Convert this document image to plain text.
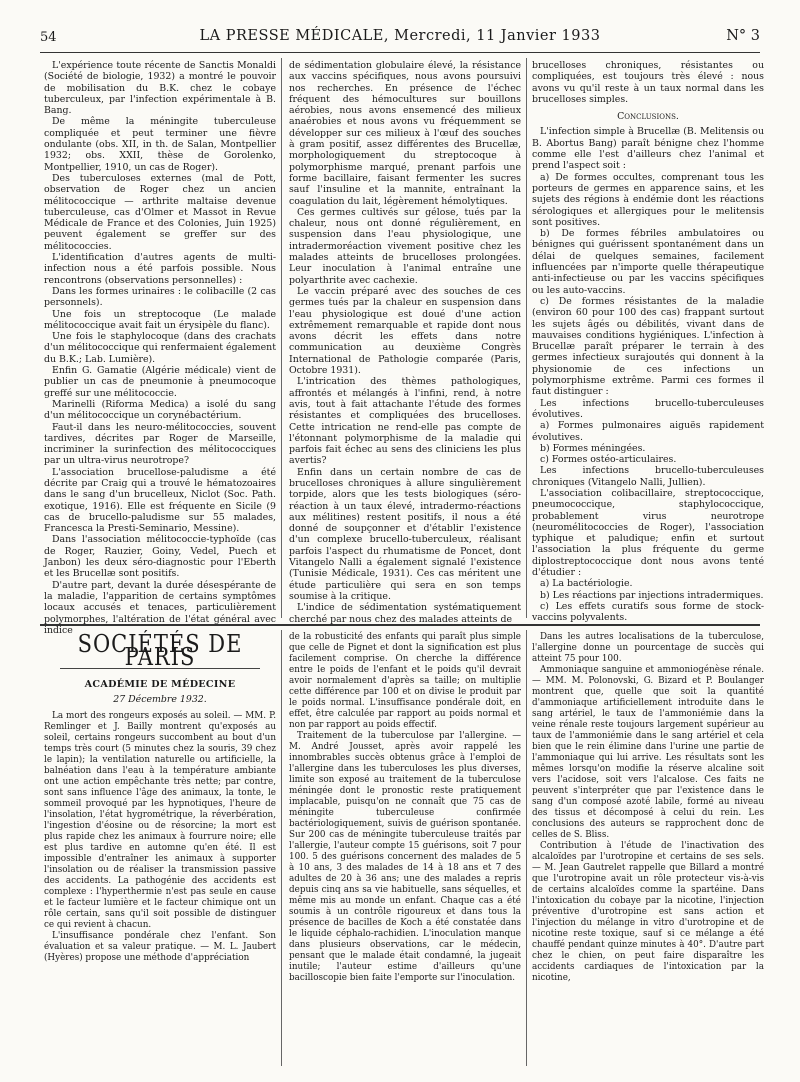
54	LA PRESSE MÉDICALE, Mercredi, 11 Janvier 1933	N° 3

L'expérience toute récente de Sanctis Monaldi (Société de biologie, 1932) a montré le pouvoir de mobilisation du B.K. chez le cobaye tuberculeux, par l'infection expérimentale à B. Bang.

De même la méningite tuberculeuse compliquée et peut terminer une fièvre ondulante (obs. XII, in th. de Salan, Montpellier 1932; obs. XXII, thèse de Gorolenko, Montpellier, 1910, un cas de Roger).

Des tuberculoses externes (mal de Pott, observation de Roger chez un ancien mélitococcique — arthrite maltaise devenue tuberculeuse, cas d'Olmer et Massot in Revue Médicale de France et des Colonies, Juin 1925) peuvent également se greffer sur des mélitococcies.

L'identification d'autres agents de multi-infection nous a été parfois possible. Nous rencontrons (observations personnelles) :

Dans les formes urinaires : le colibacille (2 cas personnels).

Une fois un streptocoque (Le malade mélitococcique avait fait un érysipèle du flanc).

Une fois le staphylocoque (dans des crachats d'un mélitococcique qui renfermaient également du B.K.; Lab. Lumière).

Enfin G. Gamatie (Algérie médicale) vient de publier un cas de pneumonie à pneumocoque greffé sur une mélitococcie.

Marinelli (Riforma Medica) a isolé du sang d'un mélitococcique un corynébactérium.

Faut-il dans les neuro-mélitococcies, souvent tardives, décrites par Roger de Marseille, incriminer la surinfection des mélitococciques par un ultra-virus neurotrope?

L'association brucellose-paludisme a été décrite par Craig qui a trouvé le hématozoaires dans le sang d'un brucelleux, Niclot (Soc. Path. exotique, 1916). Elle est fréquente en Sicile (9 cas de brucello-paludisme sur 55 malades, Francesca la Presti-Seminario, Messine).

Dans l'association mélitococcie-typhoïde (cas de Roger, Rauzier, Goiny, Vedel, Puech et Janbon) les deux séro-diagnostic pour l'Eberth et les Brucellæ sont positifs.

D'autre part, devant la durée désespérante de la maladie, l'apparition de certains symptômes locaux accusés et tenaces, particulièrement polymorphes, l'altération de l'état général avec indice

de sédimentation globulaire élevé, la résistance aux vaccins spécifiques, nous avons poursuivi nos recherches. En présence de l'échec fréquent des hémocultures sur bouillons aérobies, nous avons ensemencé des milieux anaérobies et nous avons vu fréquemment se développer sur ces milieux à l'œuf des souches à gram positif, assez différentes des Brucellæ, morphologiquement du streptocoque à polymorphisme marqué, prenant parfois une forme bacillaire, faisant fermenter les sucres sauf l'insuline et la mannite, entraînant la coagulation du lait, légèrement hémolytiques.

Ces germes cultivés sur gélose, tués par la chaleur, nous ont donné régulièrement, en suspension dans l'eau physiologique, une intradermoréaction vivement positive chez les malades atteints de brucelloses prolongées. Leur inoculation à l'animal entraîne une polyarthrite avec cachexie.

Le vaccin préparé avec des souches de ces germes tués par la chaleur en suspension dans l'eau physiologique est doué d'une action extrêmement remarquable et rapide dont nous avons décrit les effets dans notre communication au deuxième Congrès International de Pathologie comparée (Paris, Octobre 1931).

L'intrication des thèmes pathologiques, affrontés et mélangés à l'infini, rend, à notre avis, tout à fait attachante l'étude des formes résistantes et compliquées des brucelloses. Cette intrication ne rend-elle pas compte de l'étonnant polymorphisme de la maladie qui parfois fait échec au sens des cliniciens les plus avertis?

Enfin dans un certain nombre de cas de brucelloses chroniques à allure singulièrement torpide, alors que les tests biologiques (séro-réaction à un taux élevé, intradermo-réactions aux mélitines) restent positifs, il nous a été donné de soupçonner et d'établir l'existence d'un complexe brucello-tuberculeux, réalisant parfois l'aspect du rhumatisme de Poncet, dont Vitangelo Nalli a également signalé l'existence (Tunisie Médicale, 1931). Ces cas méritent une étude particulière qui sera en son temps soumise à la critique.

L'indice de sédimentation systématiquement cherché par nous chez des malades atteints de

brucelloses chroniques, résistantes ou compliquées, est toujours très élevé : nous avons vu qu'il reste à un taux normal dans les brucelloses simples.

Conclusions.

L'infection simple à Brucellæ (B. Melitensis ou B. Abortus Bang) paraît bénigne chez l'homme comme elle l'est d'ailleurs chez l'animal et prend l'aspect soit :

a) De formes occultes, comprenant tous les porteurs de germes en apparence sains, et les sujets des régions à endémie dont les réactions sérologiques et allergiques pour le melitensis sont positives.

b) De formes fébriles ambulatoires ou bénignes qui guérissent spontanément dans un délai de quelques semaines, facilement influencées par n'importe quelle thérapeutique anti-infectieuse ou par les vaccins spécifiques ou les auto-vaccins.

c) De formes résistantes de la maladie (environ 60 pour 100 des cas) frappant surtout les sujets âgés ou débilités, vivant dans de mauvaises conditions hygiéniques. L'infection à Brucellæ paraît préparer le terrain à des germes infectieux surajoutés qui donnent à la physionomie de ces infections un polymorphisme extrême. Parmi ces formes il faut distinguer :

Les infections brucello-tuberculeuses évolutives.

a) Formes pulmonaires aiguës rapidement évolutives.

b) Formes méningées.

c) Formes ostéo-articulaires.

Les infections brucello-tuberculeuses chroniques (Vitangelo Nalli, Jullien).

L'association colibacillaire, streptococcique, pneumococcique, staphylococcique, probablement virus neurotrope (neuromélitococcies de Roger), l'association typhique et paludique; enfin et surtout l'association la plus fréquente du germe diplostreptococcique dont nous avons tenté d'étudier :

a) La bactériologie.

b) Les réactions par injections intradermiques.

c) Les effets curatifs sous forme de stock-vaccins polyvalents.

SOCIÉTÉS DE PARIS
ACADÉMIE DE MÉDECINE
27 Décembre 1932.

La mort des rongeurs exposés au soleil. — MM. P. Remlinger et J. Bailly montrent qu'exposés au soleil, certains rongeurs succombent au bout d'un temps très court (5 minutes chez la souris, 39 chez le lapin); la ventilation naturelle ou artificielle, la balnéation dans l'eau à la température ambiante ont une action empêchante très nette; par contre, sont sans influence l'âge des animaux, la tonte, le sommeil provoqué par les hypnotiques, l'heure de l'insolation, l'état hygrométrique, la réverbération, l'ingestion d'éosine ou de résorcine; la mort est plus rapide chez les animaux à fourrure noire; elle est plus tardive en automne qu'en été. Il est impossible d'entraîner les animaux à supporter l'insolation ou de réaliser la transmission passive des accidents. La pathogénie des accidents est complexe : l'hyperthermie n'est pas seule en cause et le facteur lumière et le facteur chimique ont un rôle certain, sans qu'il soit possible de distinguer ce qui revient à chacun.

L'insuffisance pondérale chez l'enfant. Son évaluation et sa valeur pratique. — M. L. Jaubert (Hyères) propose une méthode d'appréciation

de la robusticité des enfants qui paraît plus simple que celle de Pignet et dont la signification est plus facilement comprise. On cherche la différence entre le poids de l'enfant et le poids qu'il devrait avoir normalement d'après sa taille; on multiplie cette différence par 100 et on divise le produit par le poids normal. L'insuffisance pondérale doit, en effet, être calculée par rapport au poids normal et non par rapport au poids effectif.

Traitement de la tuberculose par l'allergine. — M. André Jousset, après avoir rappelé les innombrables succès obtenus grâce à l'emploi de l'allergine dans les tuberculoses les plus diverses, limite son exposé au traitement de la tuberculose méningée dont le pronostic reste pratiquement implacable, puisqu'on ne connaît que 75 cas de méningite tuberculeuse confirmée bactériologiquement, suivis de guérison spontanée. Sur 200 cas de méningite tuberculeuse traités par l'allergie, l'auteur compte 15 guérisons, soit 7 pour 100. 5 des guérisons concernent des malades de 5 à 10 ans, 3 des malades de 14 à 18 ans et 7 des adultes de 20 à 36 ans; une des malades a repris depuis cinq ans sa vie habituelle, sans séquelles, et même mis au monde un enfant. Chaque cas a été soumis à un contrôle rigoureux et dans tous la présence de bacilles de Koch a été constatée dans le liquide céphalo-rachidien. L'inoculation manque dans plusieurs observations, car le médecin, pensant que le malade était condamné, la jugeait inutile; l'auteur estime d'ailleurs qu'une bacilloscopie bien faite l'emporte sur l'inoculation.

Dans les autres localisations de la tuberculose, l'allergine donne un pourcentage de succès qui atteint 75 pour 100.

Ammoniaque sanguine et ammoniogénèse rénale. — MM. M. Polonovski, G. Bizard et P. Boulanger montrent que, quelle que soit la quantité d'ammoniaque artificiellement introduite dans le sang artériel, le taux de l'ammoniémie dans la veine rénale reste toujours largement supérieur au taux de l'ammoniémie dans le sang artériel et cela bien que le rein élimine dans l'urine une partie de l'ammoniaque qui lui arrive. Les résultats sont les mêmes lorsqu'on modifie la réserve alcaline soit vers l'acidose, soit vers l'alcalose. Ces faits ne peuvent s'interpréter que par l'existence dans le sang d'un composé azoté labile, formé au niveau des tissus et décomposé à celui du rein. Les conclusions des auteurs se rapprochent donc de celles de S. Bliss.

Contribution à l'étude de l'inactivation des alcaloïdes par l'urotropine et certains de ses sels. — M. Jean Gautrelet rappelle que Billard a montré que l'urotropine avait un rôle protecteur vis-à-vis de certains alcaloïdes comme la spartéine. Dans l'intoxication du cobaye par la nicotine, l'injection préventive d'urotropine est sans action et l'injection du mélange in vitro d'urotropine et de nicotine reste toxique, sauf si ce mélange a été chauffé pendant quinze minutes à 40°. D'autre part chez le chien, on peut faire disparaître les accidents cardiaques de l'intoxication par la nicotine,
